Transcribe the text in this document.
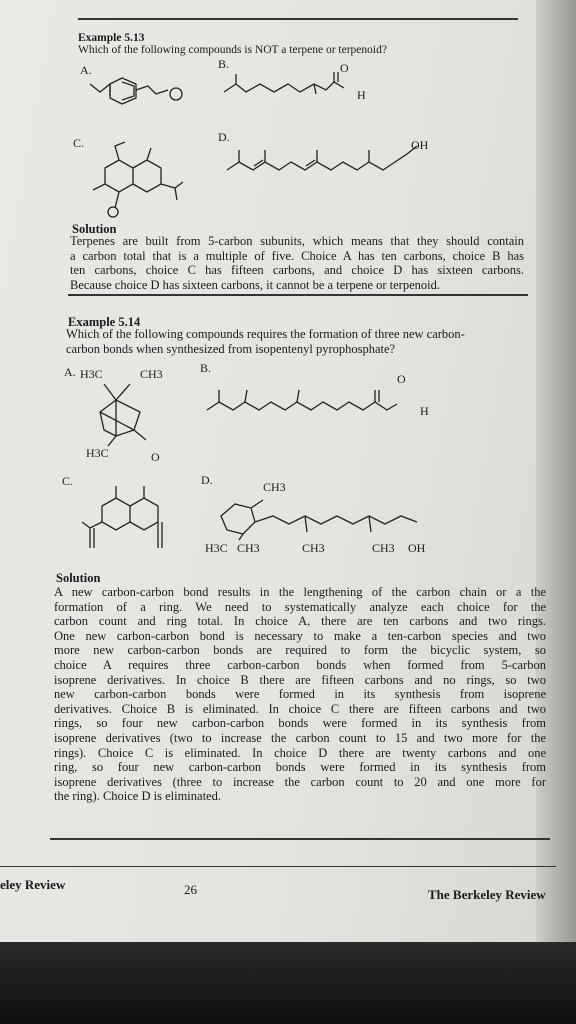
Example 5.13
Which of the following compounds is NOT a terpene or terpenoid?
A.	B.
C.	D.
O
H
OH
Solution

Terpenes are built from 5-carbon subunits, which means that they should contain

a carbon total that is a multiple of five. Choice A has ten carbons, choice B has

ten carbons, choice C has fifteen carbons, and choice D has sixteen carbons.

Because choice D has sixteen carbons, it cannot be a terpene or terpenoid.

Example 5.14

Which of the following compounds requires the formation of three new carbon-

carbon bonds when synthesized from isopentenyl pyrophosphate?

A.	B.
C.	D.
H3C	CH3
H3C	O
O
H
CH3
H3C CH3	CH3	CH3 OH
Solution

A new carbon-carbon bond results in the lengthening of the carbon chain or a the

formation of a ring. We need to systematically analyze each choice for the

carbon count and ring total. In choice A, there are ten carbons and two rings.

One new carbon-carbon bond is necessary to make a ten-carbon species and two

more new carbon-carbon bonds are required to form the bicyclic system, so

choice A requires three carbon-carbon bonds when formed from 5-carbon

isoprene derivatives. In choice B there are fifteen carbons and no rings, so two

new carbon-carbon bonds were formed in its synthesis from isoprene

derivatives. Choice B is eliminated. In choice C there are fifteen carbons and two

rings, so four new carbon-carbon bonds were formed in its synthesis from

isoprene derivatives (two to increase the carbon count to 15 and two more for the

rings). Choice C is eliminated. In choice D there are twenty carbons and one

ring, so four new carbon-carbon bonds were formed in its synthesis from

isoprene derivatives (three to increase the carbon count to 20 and one more for

the ring). Choice D is eliminated.

eley Review	26	The Berkeley Review
